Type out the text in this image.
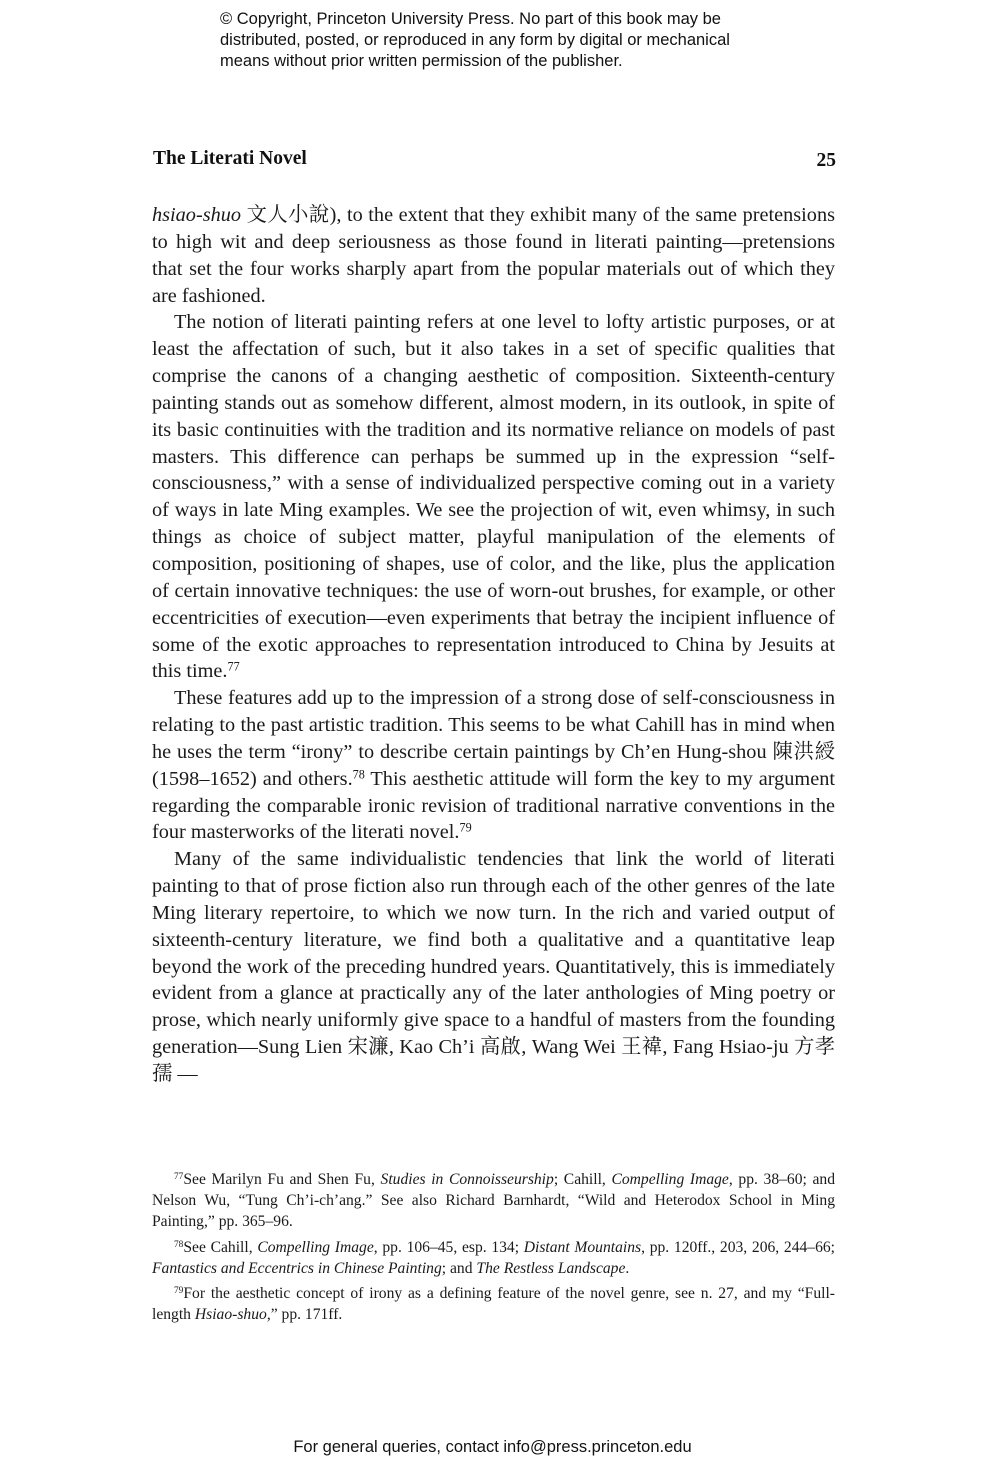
© Copyright, Princeton University Press. No part of this book may be
distributed, posted, or reproduced in any form by digital or mechanical
means without prior written permission of the publisher.
The Literati Novel	25

hsiao-shuo 文人小說), to the extent that they exhibit many of the same pretensions to high wit and deep seriousness as those found in literati painting—pretensions that set the four works sharply apart from the popular materials out of which they are fashioned.

The notion of literati painting refers at one level to lofty artistic purposes, or at least the affectation of such, but it also takes in a set of specific qualities that comprise the canons of a changing aesthetic of composition. Sixteenth-century painting stands out as somehow different, almost modern, in its outlook, in spite of its basic continuities with the tradition and its normative reliance on models of past masters. This difference can perhaps be summed up in the expression “self-consciousness,” with a sense of individualized perspective coming out in a variety of ways in late Ming examples. We see the projection of wit, even whimsy, in such things as choice of subject matter, playful manipulation of the elements of composition, positioning of shapes, use of color, and the like, plus the application of certain innovative techniques: the use of worn-out brushes, for example, or other eccentricities of execution—even experiments that betray the incipient influence of some of the exotic approaches to representation introduced to China by Jesuits at this time.$^{77}$

These features add up to the impression of a strong dose of self-consciousness in relating to the past artistic tradition. This seems to be what Cahill has in mind when he uses the term “irony” to describe certain paintings by Ch’en Hung-shou 陳洪綬 (1598–1652) and others.$^{78}$ This aesthetic attitude will form the key to my argument regarding the comparable ironic revision of traditional narrative conventions in the four masterworks of the literati novel.$^{79}$

Many of the same individualistic tendencies that link the world of literati painting to that of prose fiction also run through each of the other genres of the late Ming literary repertoire, to which we now turn. In the rich and varied output of sixteenth-century literature, we find both a qualitative and a quantitative leap beyond the work of the preceding hundred years. Quantitatively, this is immediately evident from a glance at practically any of the later anthologies of Ming poetry or prose, which nearly uniformly give space to a handful of masters from the founding generation—Sung Lien 宋濂, Kao Ch’i 高啟, Wang Wei 王褘, Fang Hsiao-ju 方孝孺 —

$^{77}$See Marilyn Fu and Shen Fu, Studies in Connoisseurship; Cahill, Compelling Image, pp. 38–60; and Nelson Wu, “Tung Ch’i-ch’ang.” See also Richard Barnhardt, “Wild and Heterodox School in Ming Painting,” pp. 365–96.

$^{78}$See Cahill, Compelling Image, pp. 106–45, esp. 134; Distant Mountains, pp. 120ff., 203, 206, 244–66; Fantastics and Eccentrics in Chinese Painting; and The Restless Landscape.

$^{79}$For the aesthetic concept of irony as a defining feature of the novel genre, see n. 27, and my “Full-length Hsiao-shuo,” pp. 171ff.

For general queries, contact info@press.princeton.edu
